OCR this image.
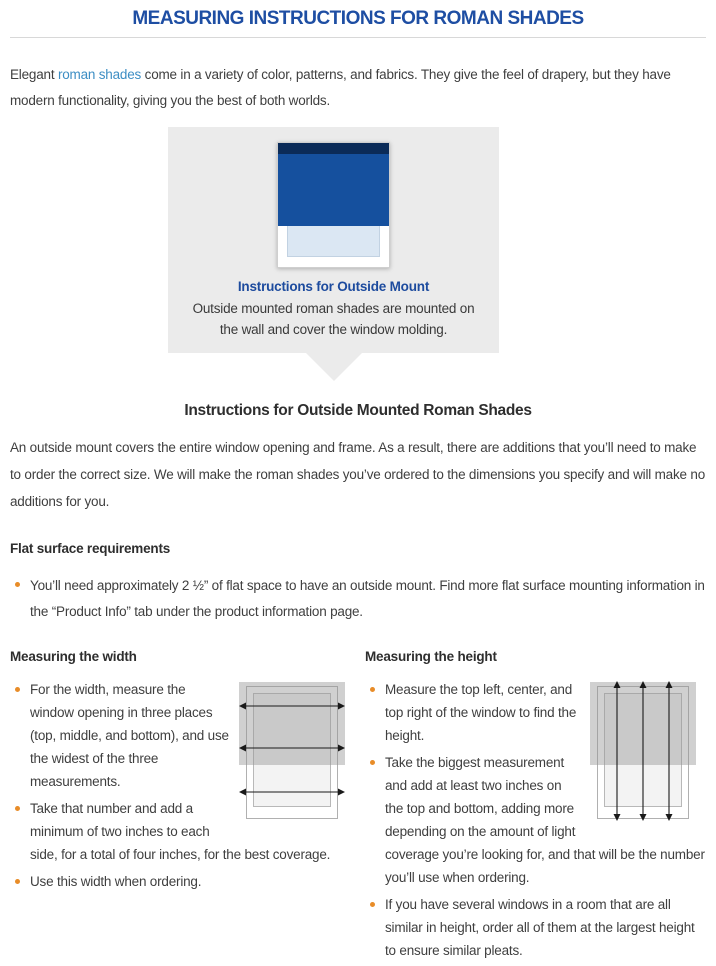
MEASURING INSTRUCTIONS FOR ROMAN SHADES

Elegant roman shades come in a variety of color, patterns, and fabrics. They give the feel of drapery, but they have modern functionality, giving you the best of both worlds.

Instructions for Outside Mount
Outside mounted roman shades are mounted on the wall and cover the window molding.
Instructions for Outside Mounted Roman Shades

An outside mount covers the entire window opening and frame. As a result, there are additions that you’ll need to make to order the correct size. We will make the roman shades you’ve ordered to the dimensions you specify and will make no additions for you.

Flat surface requirements
You’ll need approximately 2 ½” of flat space to have an outside mount. Find more flat surface mounting information in the “Product Info” tab under the product information page.
Measuring the width
For the width, measure the window opening in three places (top, middle, and bottom), and use the widest of the three measurements.
Take that number and add a minimum of two inches to each side, for a total of four inches, for the best coverage.
Use this width when ordering.
Measuring the height
Measure the top left, center, and top right of the window to find the height.
Take the biggest measurement and add at least two inches on the top and bottom, adding more depending on the amount of light coverage you’re looking for, and that will be the number you’ll use when ordering.
If you have several windows in a room that are all similar in height, order all of them at the largest height to ensure similar pleats.
